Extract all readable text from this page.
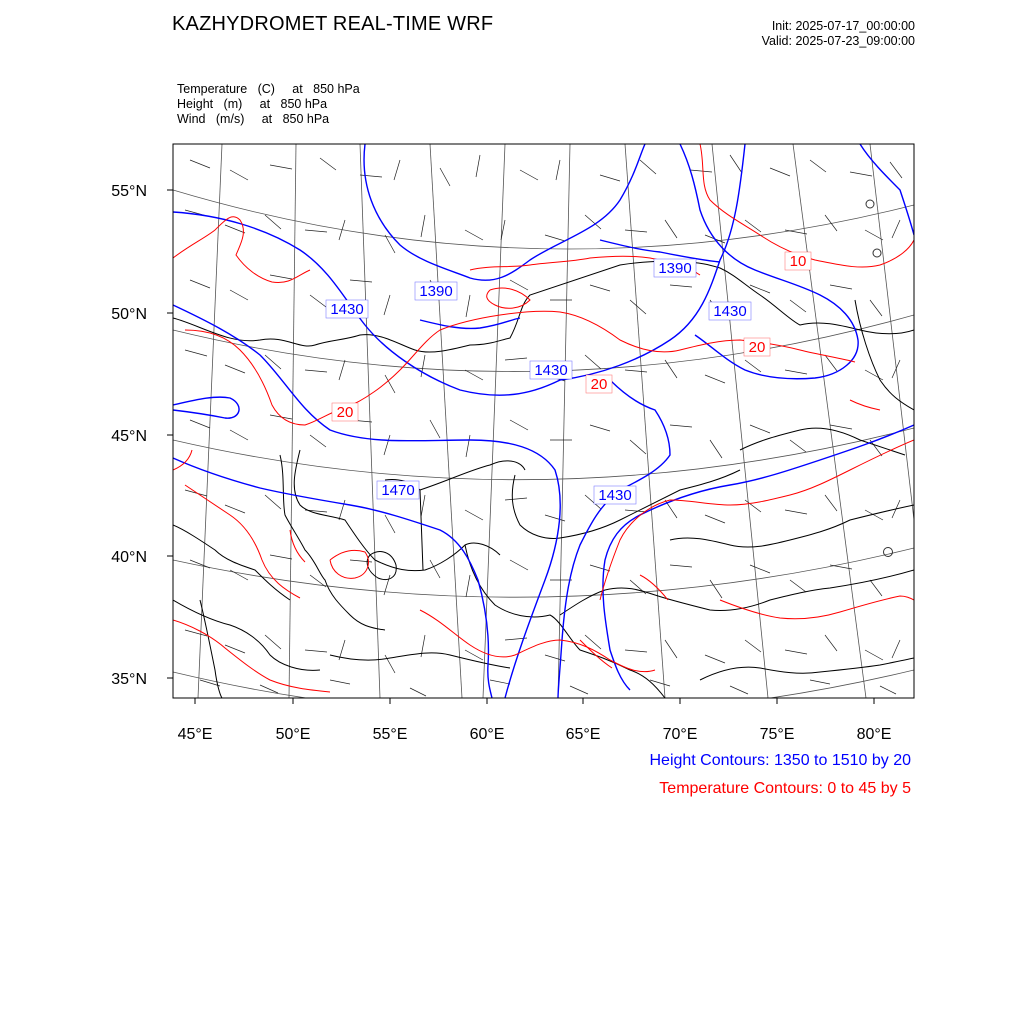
KAZHYDROMET REAL-TIME WRF	Init: 2025-07-17_00:00:00
Valid: 2025-07-23_09:00:00
Temperature   (C)     at   850 hPa
Height   (m)     at   850 hPa
Wind   (m/s)     at   850 hPa
1390
1390
1430	1430
1430
1430
1470
10
20
20
20
55°N
50°N
45°N
40°N
35°N
45°E	50°E	55°E	60°E	65°E	70°E	75°E	80°E
Height Contours: 1350 to 1510 by 20
Temperature Contours: 0 to 45 by 5
